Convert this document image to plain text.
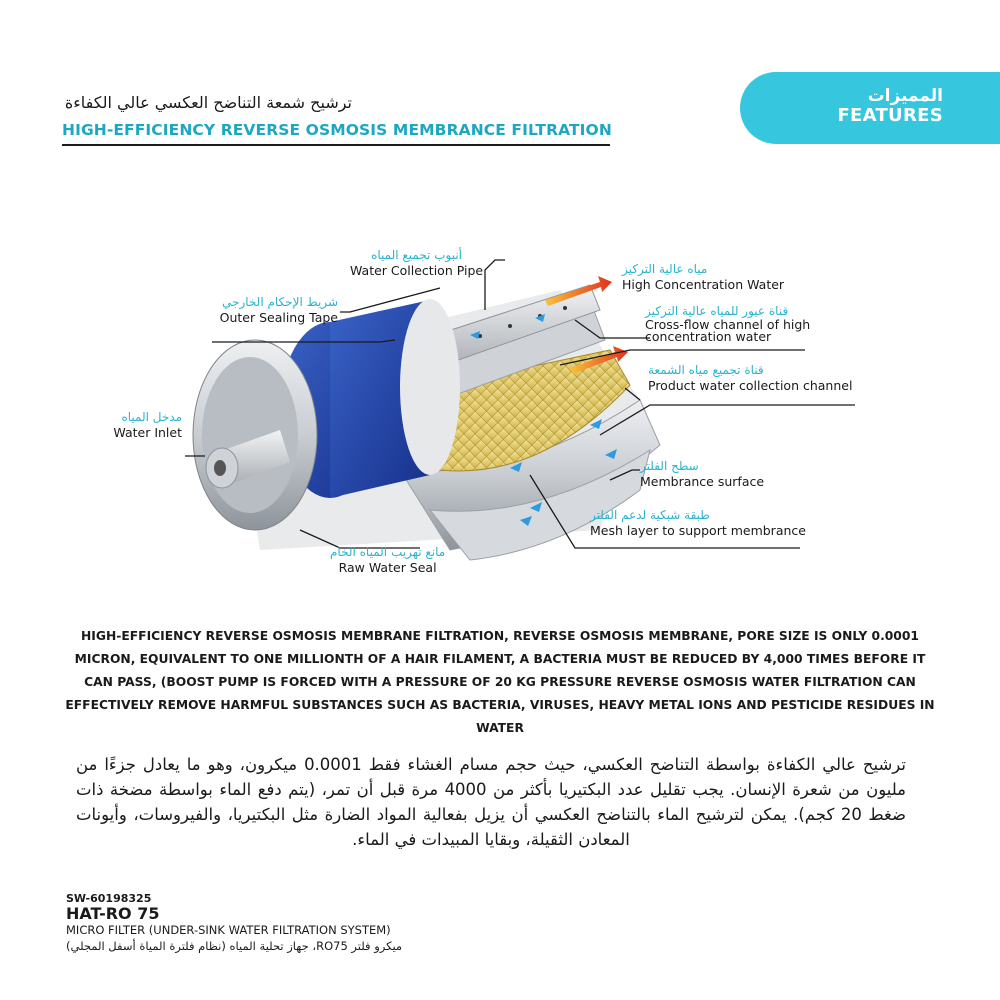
المميزات
FEATURES
ترشيح شمعة التناضح العكسي عالي الكفاءة
HIGH-EFFICIENCY REVERSE OSMOSIS MEMBRANCE FILTRATION
أنبوب تجميع المياه
Water Collection Pipe	مياه عالية التركيز
High Concentration Water
شريط الإحكام الخارجي
Outer Sealing Tape	قناة عبور للمياه عالية التركيز
Cross-flow channel of high
concentration water
قناة تجميع مياه الشمعة
Product water collection channel
مدخل المياه
Water Inlet
سطح الفلتر
Membrance surface
طبقة شبكية لدعم الفلتر
Mesh layer to support membrance
مانع تهريب المياه الخام
Raw Water Seal
HIGH-EFFICIENCY REVERSE OSMOSIS MEMBRANE FILTRATION, REVERSE OSMOSIS MEMBRANE, PORE SIZE IS ONLY 0.0001 MICRON, EQUIVALENT TO ONE MILLIONTH OF A HAIR FILAMENT, A BACTERIA MUST BE REDUCED BY 4,000 TIMES BEFORE IT CAN PASS, (BOOST PUMP IS FORCED WITH A PRESSURE OF 20 KG PRESSURE REVERSE OSMOSIS WATER FILTRATION CAN EFFECTIVELY REMOVE HARMFUL SUBSTANCES SUCH AS BACTERIA, VIRUSES, HEAVY METAL IONS AND PESTICIDE RESIDUES IN WATER
ترشيح عالي الكفاءة بواسطة التناضح العكسي، حيث حجم مسام الغشاء فقط 0.0001 ميكرون، وهو ما يعادل جزءًا من مليون من شعرة الإنسان. يجب تقليل عدد البكتيريا بأكثر من 4000 مرة قبل أن تمر، (يتم دفع الماء بواسطة مضخة ذات ضغط 20 كجم). يمكن لترشيح الماء بالتناضح العكسي أن يزيل بفعالية المواد الضارة مثل البكتيريا، والفيروسات، وأيونات المعادن الثقيلة، وبقايا المبيدات في الماء.
SW-60198325
HAT-RO 75
MICRO FILTER (UNDER-SINK WATER FILTRATION SYSTEM)
ميكرو فلتر RO75، جهاز تحلية المياه (نظام فلترة المياة أسفل المجلي)
